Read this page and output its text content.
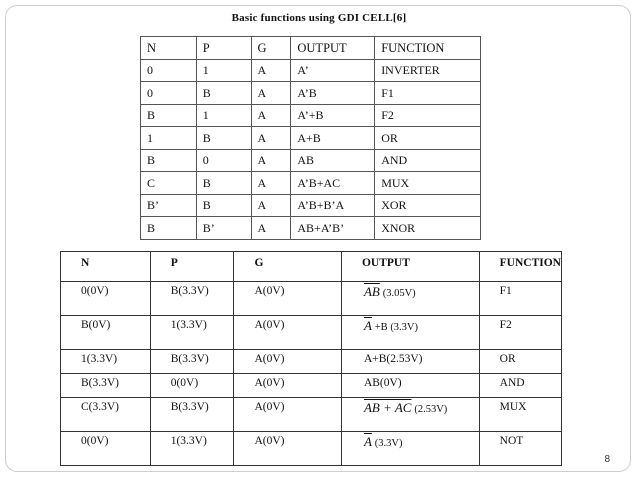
Basic functions using GDI CELL[6]
N	P	G	OUTPUT	FUNCTION
0	1	A	A’	INVERTER
0	B	A	A’B	F1
B	1	A	A’+B	F2
1	B	A	A+B	OR
B	0	A	AB	AND
C	B	A	A’B+AC	MUX
B’	B	A	A’B+B’A	XOR
B	B’	A	AB+A’B’	XNOR
N	P	G	OUTPUT	FUNCTION
0(0V)	B(3.3V)	A(0V)	$\overline{AB}$ (3.05V)	F1
B(0V)	1(3.3V)	A(0V)	$\overline{A} +B$ (3.3V)	F2
1(3.3V)	B(3.3V)	A(0V)	A+B(2.53V)	OR
B(3.3V)	0(0V)	A(0V)	AB(0V)	AND
C(3.3V)	B(3.3V)	A(0V)	AB + AC (2.53V)	MUX
0(0V)	1(3.3V)	A(0V)	$\overline{A}$ (3.3V)	NOT
8
